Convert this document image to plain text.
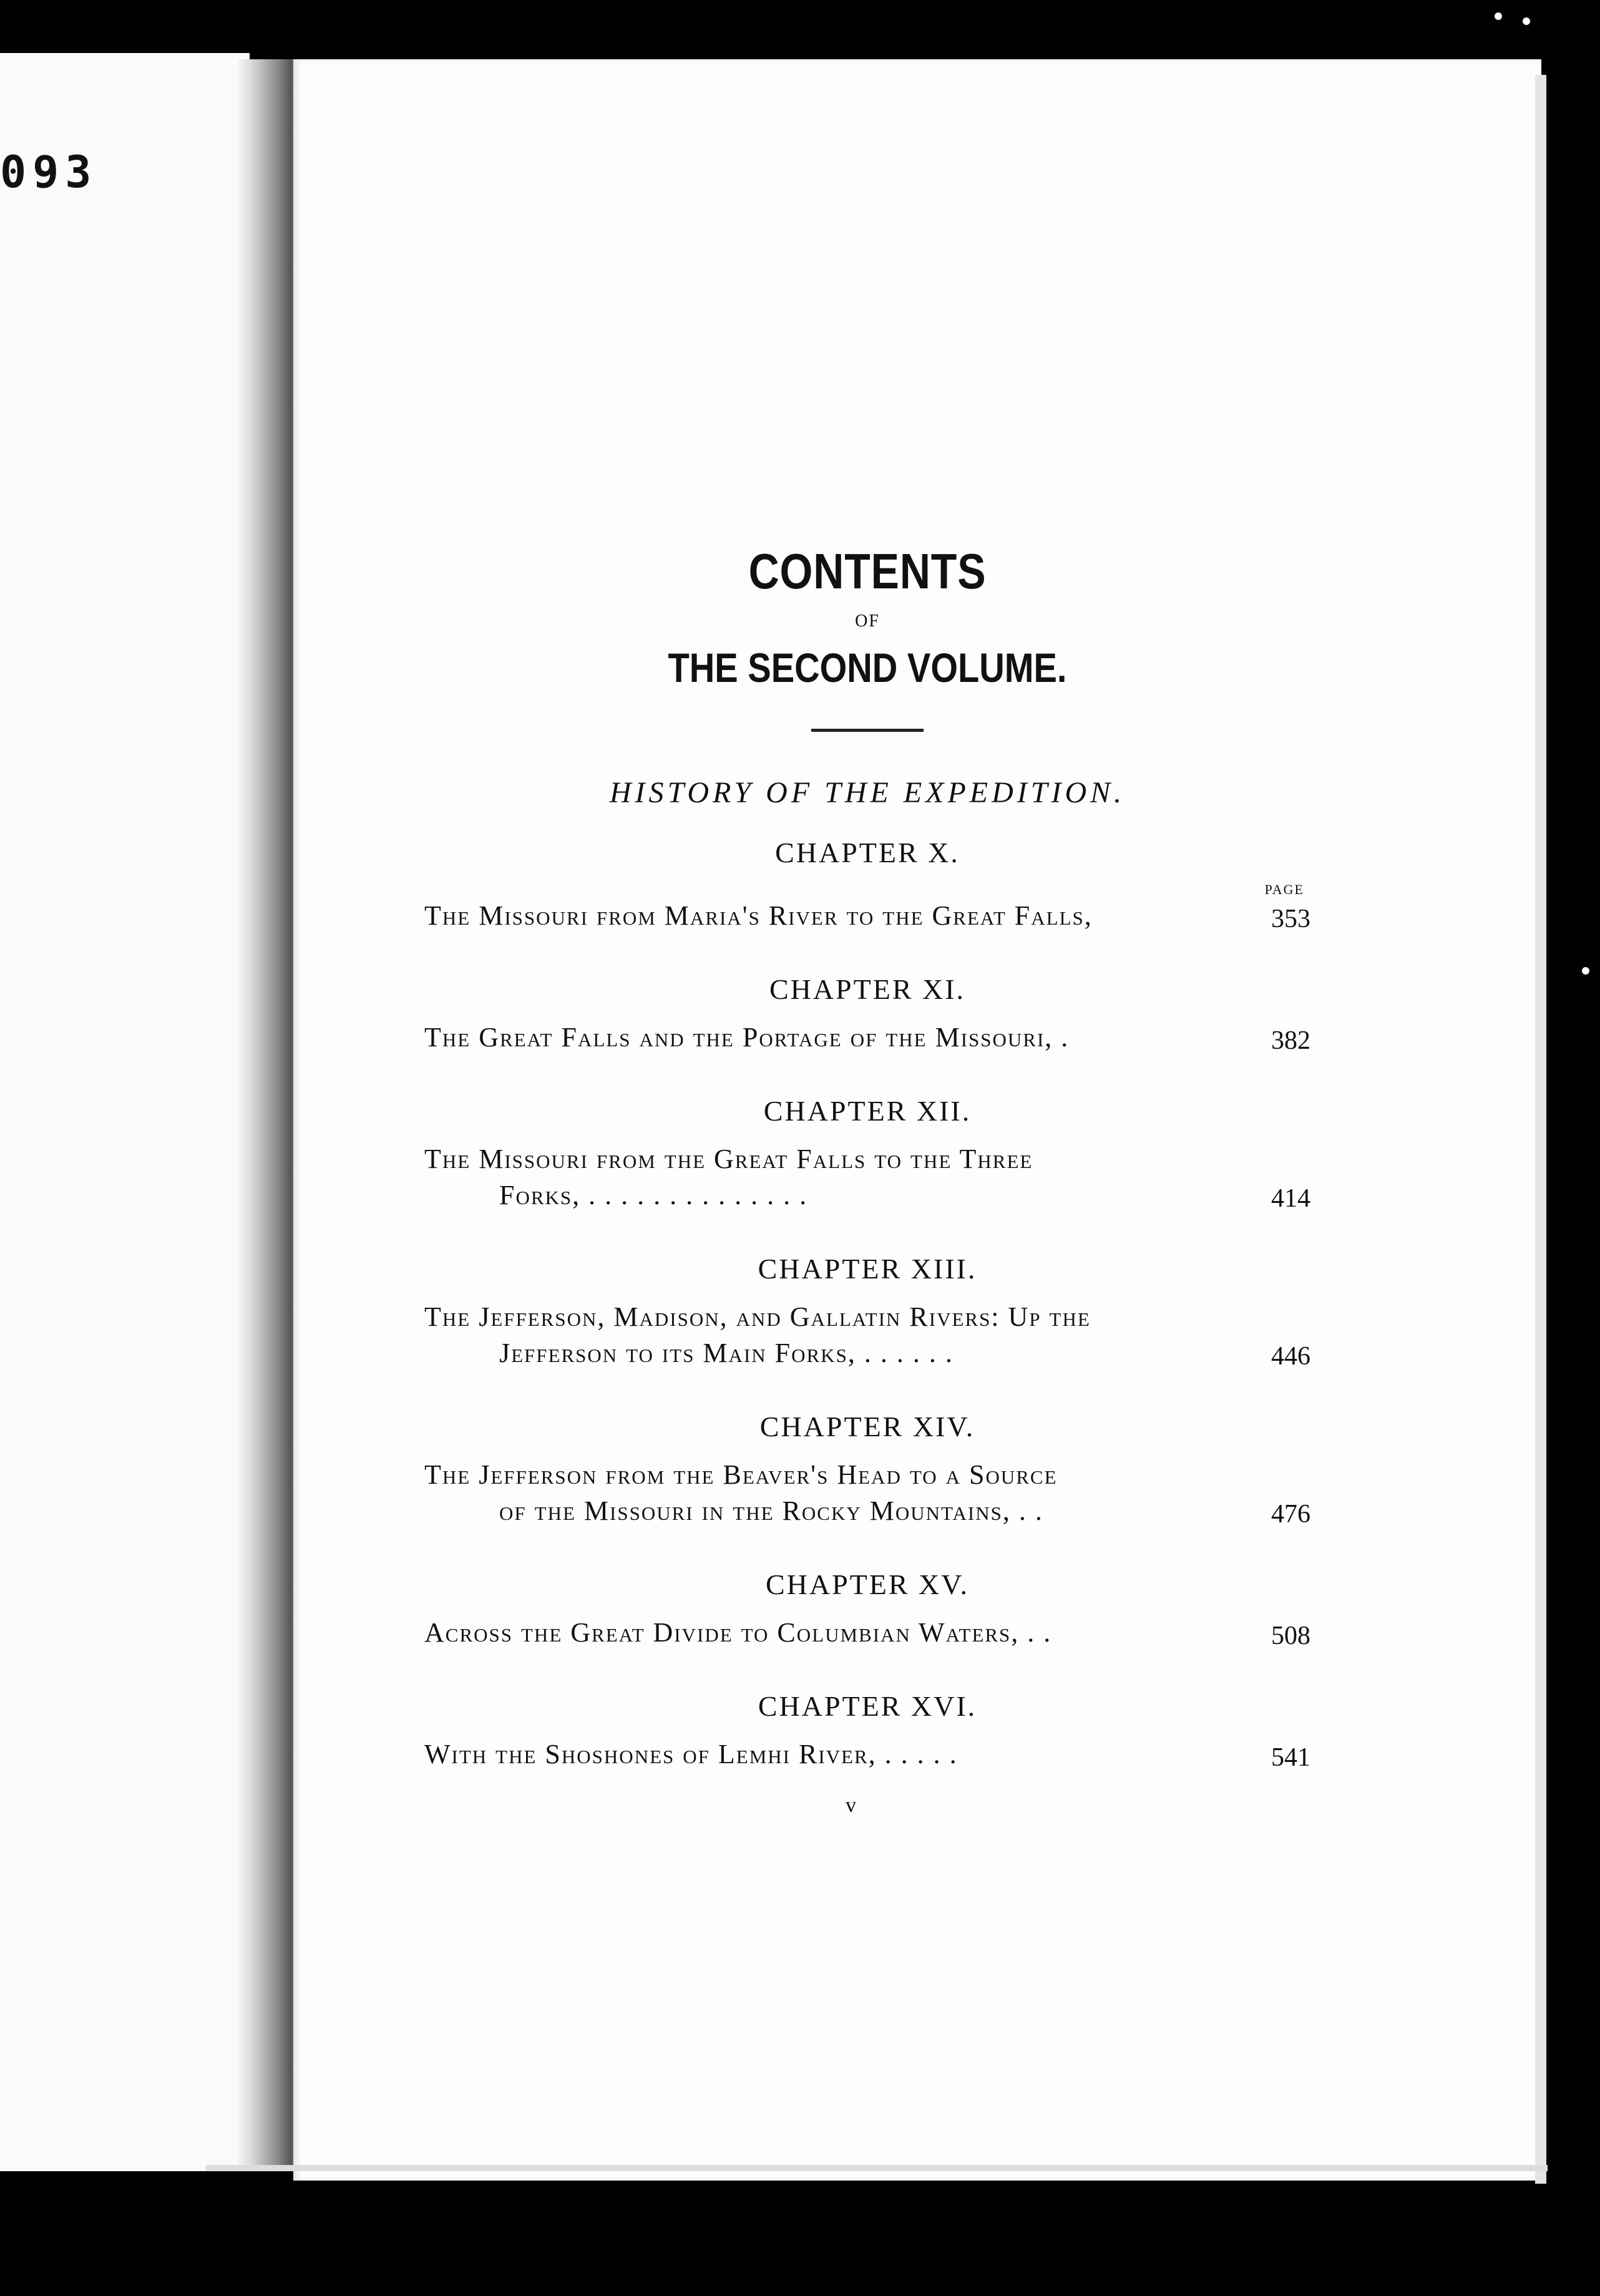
093
CONTENTS
OF
THE SECOND VOLUME.
HISTORY OF THE EXPEDITION.
CHAPTER X.
PAGE
The Missouri from Maria's River to the Great Falls,	353
CHAPTER XI.
The Great Falls and the Portage of the Missouri, .	382
CHAPTER XII.
The Missouri from the Great Falls to the Three
Forks, . . . . . . . . . . . . . .	414
CHAPTER XIII.
The Jefferson, Madison, and Gallatin Rivers: Up the
Jefferson to its Main Forks, . . . . . .	446
CHAPTER XIV.
The Jefferson from the Beaver's Head to a Source
of the Missouri in the Rocky Mountains, . .	476
CHAPTER XV.
Across the Great Divide to Columbian Waters, . .	508
CHAPTER XVI.
With the Shoshones of Lemhi River, . . . . .	541
v
